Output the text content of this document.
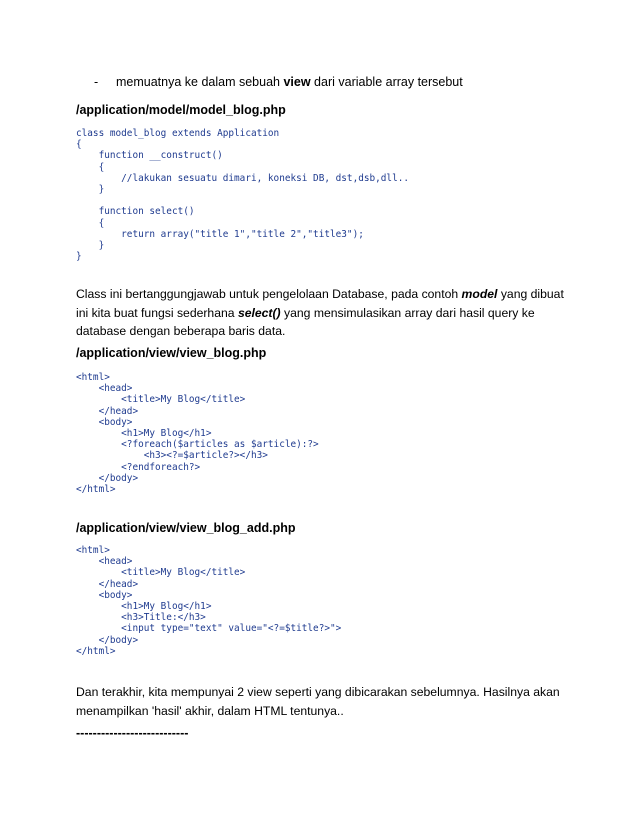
- memuatnya ke dalam sebuah view dari variable array tersebut
/application/model/model_blog.php
class model_blog extends Application
{
function __construct()
{
//lakukan sesuatu dimari, koneksi DB, dst,dsb,dll..
}

function select()
{
return array("title 1","title 2","title3");
}
}
Class ini bertanggungjawab untuk pengelolaan Database, pada contoh model yang dibuat ini kita buat fungsi sederhana select() yang mensimulasikan array dari hasil query ke database dengan beberapa baris data.
/application/view/view_blog.php
<html>
<head>
<title>My Blog</title>
</head>
<body>
<h1>My Blog</h1>
<?foreach($articles as $article):?>
<h3><?=$article?></h3>
<?endforeach?>
</body>
</html>
/application/view/view_blog_add.php
<html>
<head>
<title>My Blog</title>
</head>
<body>
<h1>My Blog</h1>
<h3>Title:</h3>
<input type="text" value="<?=$title?>">
</body>
</html>
Dan terakhir, kita mempunyai 2 view seperti yang dibicarakan sebelumnya. Hasilnya akan menampilkan 'hasil' akhir, dalam HTML tentunya..
---------------------------
